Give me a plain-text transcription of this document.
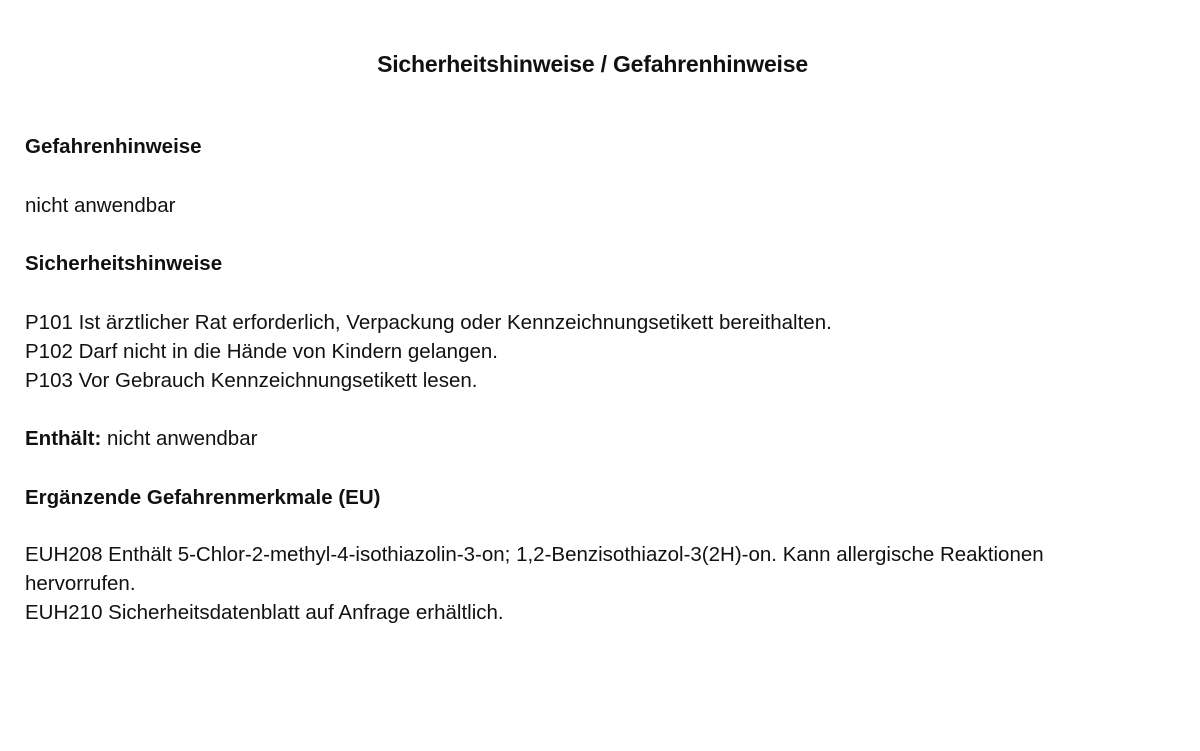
Sicherheitshinweise / Gefahrenhinweise
Gefahrenhinweise
nicht anwendbar
Sicherheitshinweise
P101 Ist ärztlicher Rat erforderlich, Verpackung oder Kennzeichnungsetikett bereithalten.
P102 Darf nicht in die Hände von Kindern gelangen.
P103 Vor Gebrauch Kennzeichnungsetikett lesen.
Enthält: nicht anwendbar
Ergänzende Gefahrenmerkmale (EU)
EUH208 Enthält 5-Chlor-2-methyl-4-isothiazolin-3-on; 1,2-Benzisothiazol-3(2H)-on. Kann allergische Reaktionen
hervorrufen.
EUH210 Sicherheitsdatenblatt auf Anfrage erhältlich.
